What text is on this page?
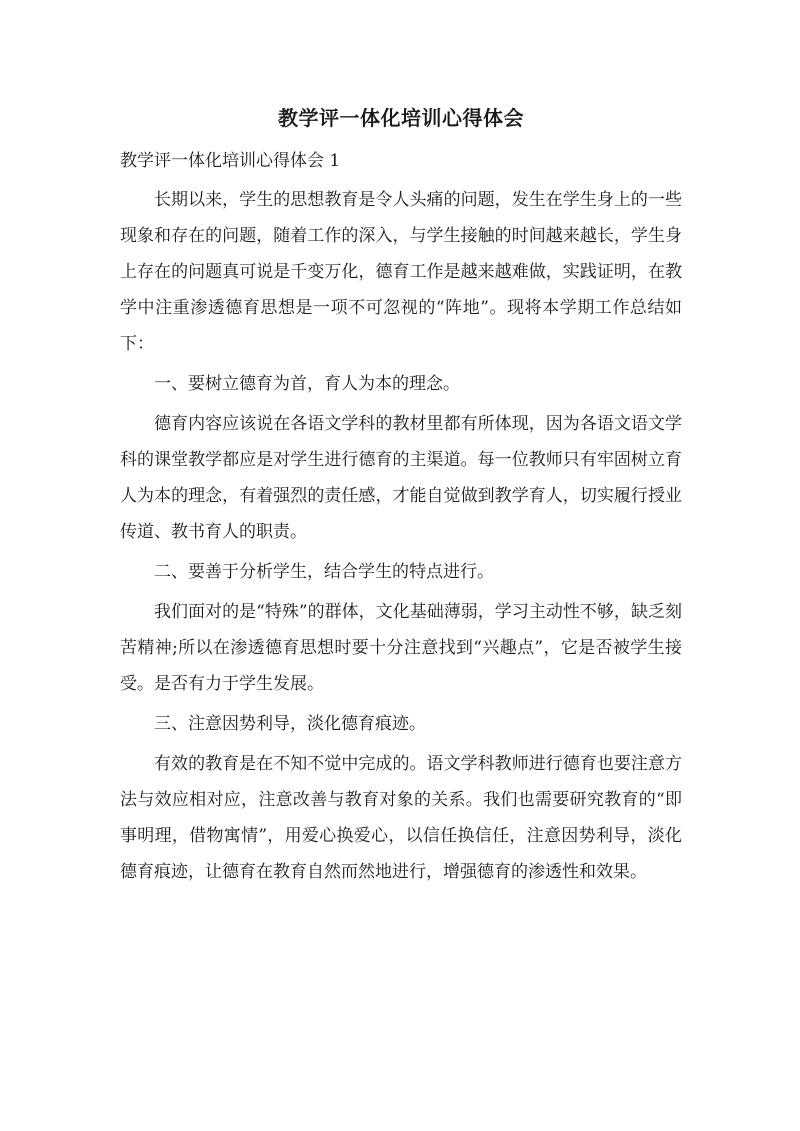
教学评一体化培训心得体会

教学评一体化培训心得体会 1

长期以来，学生的思想教育是令人头痛的问题，发生在学生身上的一些现象和存在的问题，随着工作的深入，与学生接触的时间越来越长，学生身上存在的问题真可说是千变万化，德育工作是越来越难做，实践证明，在教学中注重渗透德育思想是一项不可忽视的“阵地”。现将本学期工作总结如下：

一、要树立德育为首，育人为本的理念。

德育内容应该说在各语文学科的教材里都有所体现，因为各语文语文学科的课堂教学都应是对学生进行德育的主渠道。每一位教师只有牢固树立育人为本的理念，有着强烈的责任感，才能自觉做到教学育人，切实履行授业传道、教书育人的职责。

二、要善于分析学生，结合学生的特点进行。

我们面对的是“特殊”的群体，文化基础薄弱，学习主动性不够，缺乏刻苦精神;所以在渗透德育思想时要十分注意找到“兴趣点”，它是否被学生接受。是否有力于学生发展。

三、注意因势利导，淡化德育痕迹。

有效的教育是在不知不觉中完成的。语文学科教师进行德育也要注意方法与效应相对应，注意改善与教育对象的关系。我们也需要研究教育的“即事明理，借物寓情”，用爱心换爱心，以信任换信任，注意因势利导，淡化德育痕迹，让德育在教育自然而然地进行，增强德育的渗透性和效果。
